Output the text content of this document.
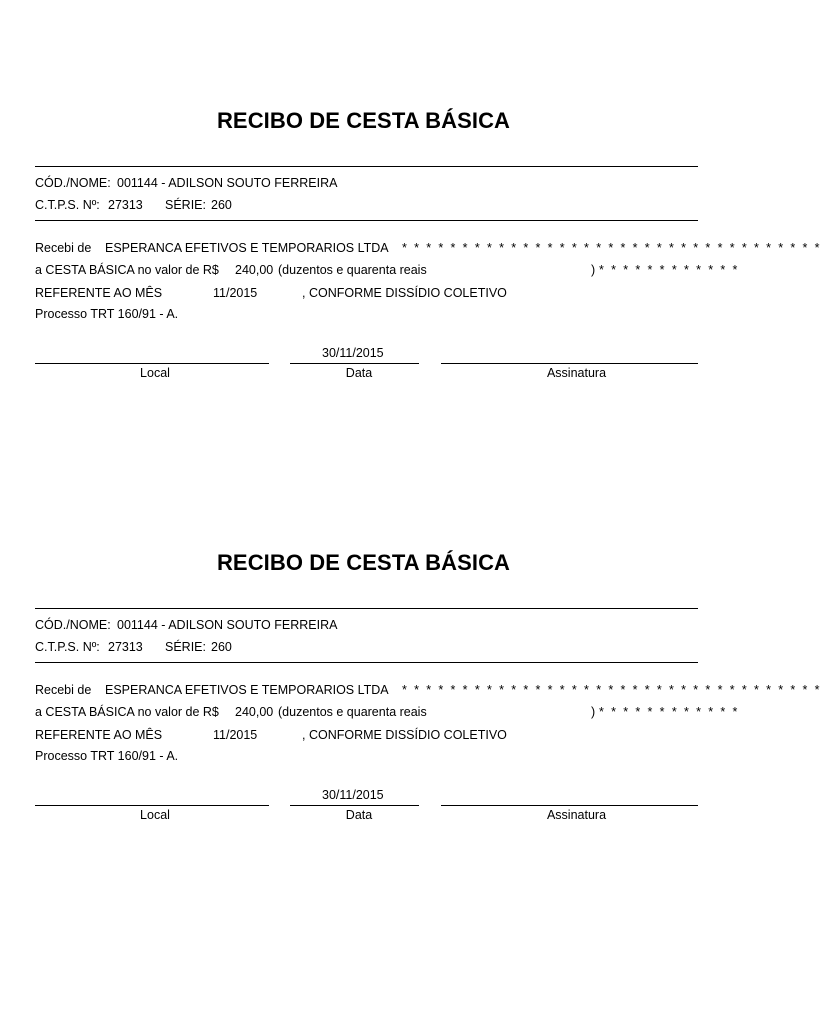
RECIBO DE CESTA BÁSICA
CÓD./NOME: 001144 - ADILSON SOUTO FERREIRA
C.T.P.S. Nº: 27313 SÉRIE: 260
Recebi de ESPERANCA EFETIVOS E TEMPORARIOS LTDA * * * * * * * * * * * * * * * * * * * * * * * * * * * * * * * * * * *
a CESTA BÁSICA no valor de R$ 240,00 (duzentos e quarenta reais	) * * * * * * * * * * * *
REFERENTE AO MÊS	11/2015	, CONFORME DISSÍDIO COLETIVO
Processo TRT 160/91 - A.
30/11/2015
Local	Data	Assinatura
RECIBO DE CESTA BÁSICA
CÓD./NOME: 001144 - ADILSON SOUTO FERREIRA
C.T.P.S. Nº: 27313 SÉRIE: 260
Recebi de ESPERANCA EFETIVOS E TEMPORARIOS LTDA * * * * * * * * * * * * * * * * * * * * * * * * * * * * * * * * * * *
a CESTA BÁSICA no valor de R$ 240,00 (duzentos e quarenta reais	) * * * * * * * * * * * *
REFERENTE AO MÊS	11/2015	, CONFORME DISSÍDIO COLETIVO
Processo TRT 160/91 - A.
30/11/2015
Local	Data	Assinatura
